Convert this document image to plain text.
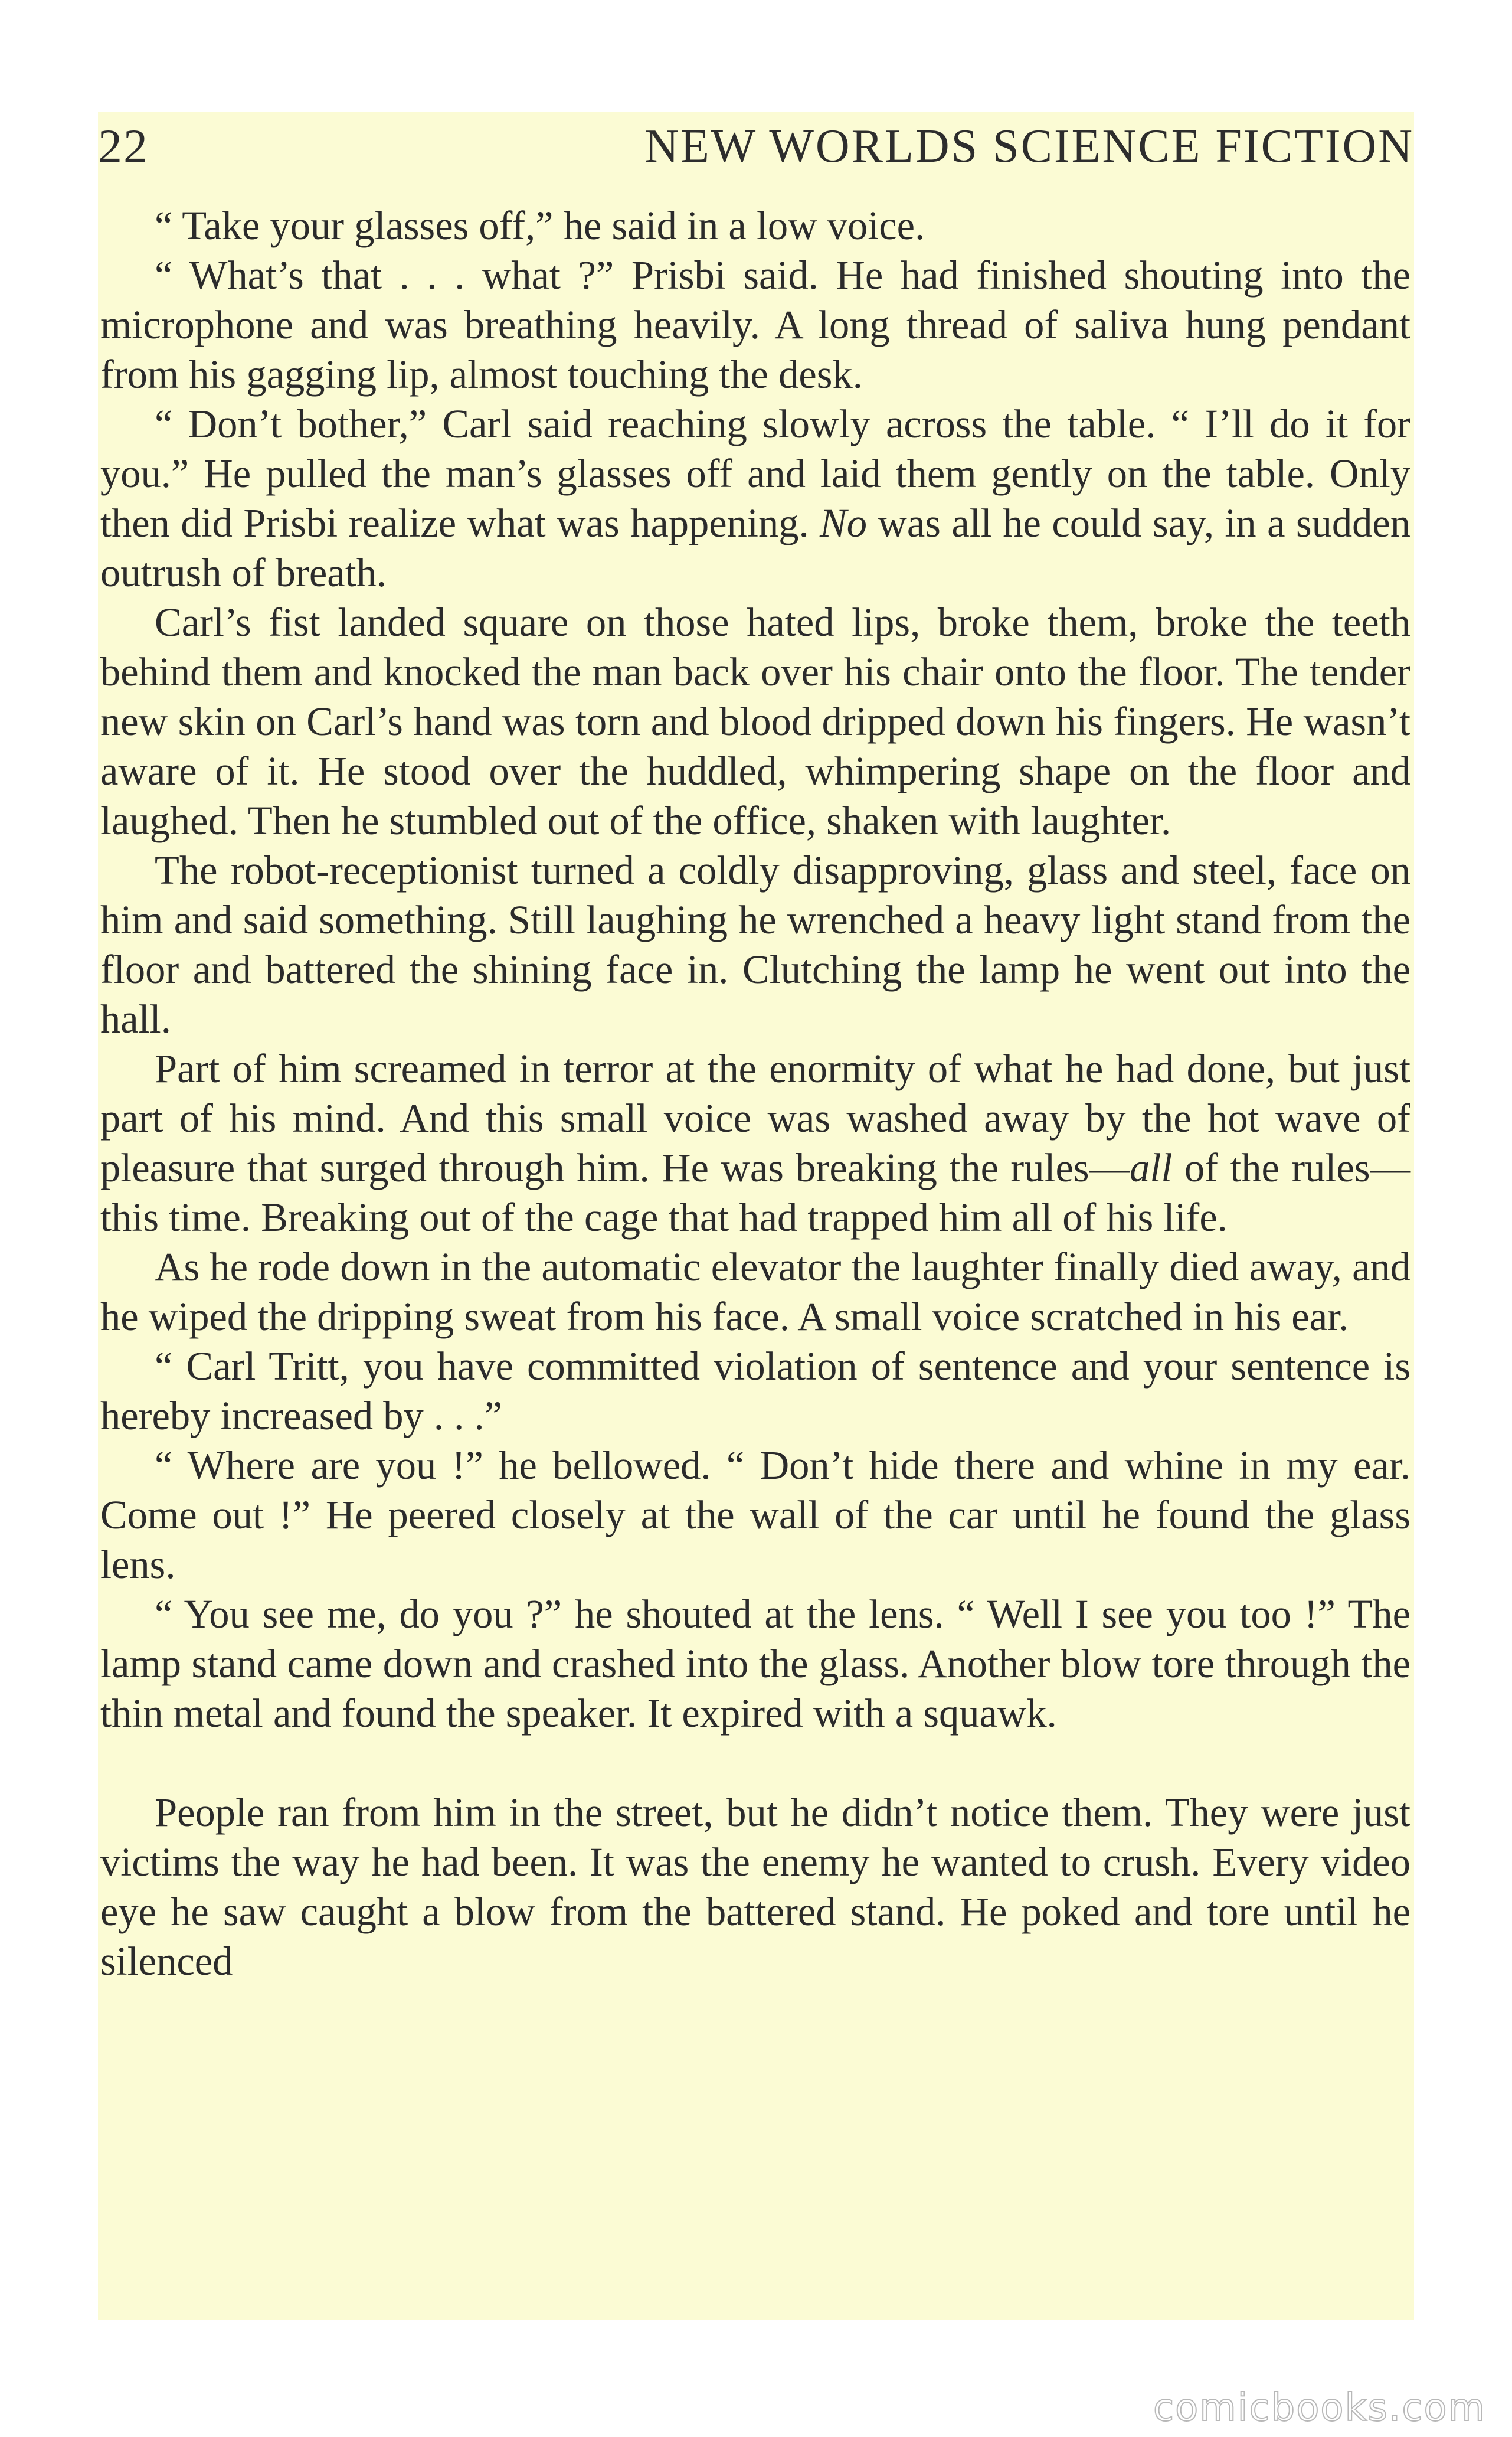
22	NEW WORLDS SCIENCE FICTION

“ Take your glasses off,” he said in a low voice.

“ What’s that . . . what ?” Prisbi said. He had finished shouting into the microphone and was breathing heavily. A long thread of saliva hung pendant from his gagging lip, almost touching the desk.

“ Don’t bother,” Carl said reaching slowly across the table. “ I’ll do it for you.” He pulled the man’s glasses off and laid them gently on the table. Only then did Prisbi realize what was happening. No was all he could say, in a sudden outrush of breath.

Carl’s fist landed square on those hated lips, broke them, broke the teeth behind them and knocked the man back over his chair onto the floor. The tender new skin on Carl’s hand was torn and blood dripped down his fingers. He wasn’t aware of it. He stood over the huddled, whimpering shape on the floor and laughed. Then he stumbled out of the office, shaken with laughter.

The robot-receptionist turned a coldly disapproving, glass and steel, face on him and said something. Still laughing he wrenched a heavy light stand from the floor and battered the shining face in. Clutching the lamp he went out into the hall.

Part of him screamed in terror at the enormity of what he had done, but just part of his mind. And this small voice was washed away by the hot wave of pleasure that surged through him. He was breaking the rules—all of the rules—this time. Breaking out of the cage that had trapped him all of his life.

As he rode down in the automatic elevator the laughter finally died away, and he wiped the dripping sweat from his face. A small voice scratched in his ear.

“ Carl Tritt, you have committed violation of sentence and your sentence is hereby increased by . . .”

“ Where are you !” he bellowed. “ Don’t hide there and whine in my ear. Come out !” He peered closely at the wall of the car until he found the glass lens.

“ You see me, do you ?” he shouted at the lens. “ Well I see you too !” The lamp stand came down and crashed into the glass. Another blow tore through the thin metal and found the speaker. It expired with a squawk.

People ran from him in the street, but he didn’t notice them. They were just victims the way he had been. It was the enemy he wanted to crush. Every video eye he saw caught a blow from the battered stand. He poked and tore until he silenced

comicbooks.com
